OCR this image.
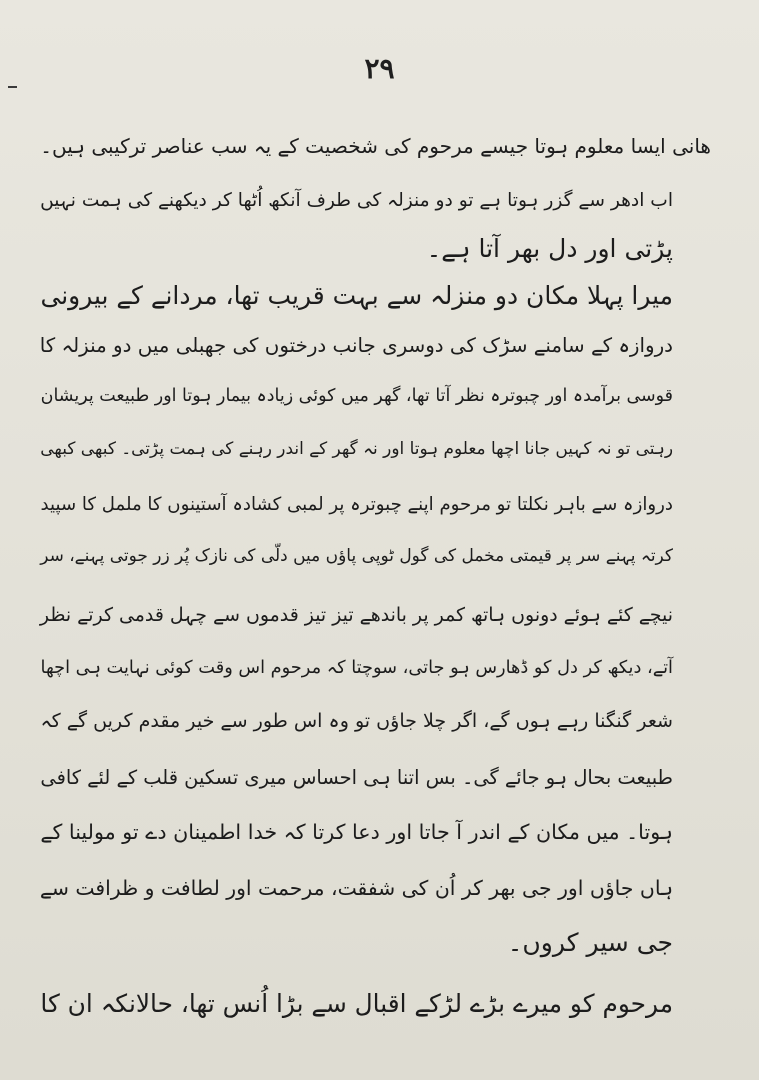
۲۹
ھانی ایسا معلوم ہوتا جیسے مرحوم کی شخصیت کے یہ سب عناصر ترکیبی ہیں۔
اب ادھر سے گزر ہوتا ہے تو دو منزلہ کی طرف آنکھ اُٹھا کر دیکھنے کی ہمت نہیں
پڑتی اور دل بھر آتا ہے۔
میرا پہلا مکان دو منزلہ سے بہت قریب تھا، مردانے کے بیرونی
دروازہ کے سامنے سڑک کی دوسری جانب درختوں کی جھبلی میں دو منزلہ کا
قوسی برآمدہ اور چبوترہ نظر آتا تھا، گھر میں کوئی زیادہ بیمار ہوتا اور طبیعت پریشان
رہتی تو نہ کہیں جانا اچھا معلوم ہوتا اور نہ گھر کے اندر رہنے کی ہمت پڑتی۔ کبھی کبھی
دروازہ سے باہر نکلتا تو مرحوم اپنے چبوترہ پر لمبی کشادہ آستینوں کا ململ کا سپید
کرتہ پہنے سر پر قیمتی مخمل کی گول ٹوپی پاؤں میں دلّی کی نازک پُر زر جوتی پہنے، سر
نیچے کئے ہوئے دونوں ہاتھ کمر پر باندھے تیز تیز قدموں سے چہل قدمی کرتے نظر
آتے، دیکھ کر دل کو ڈھارس ہو جاتی، سوچتا کہ مرحوم اس وقت کوئی نہایت ہی اچھا
شعر گنگنا رہے ہوں گے، اگر چلا جاؤں تو وہ اس طور سے خیر مقدم کریں گے کہ
طبیعت بحال ہو جائے گی۔ بس اتنا ہی احساس میری تسکین قلب کے لئے کافی
ہوتا۔ میں مکان کے اندر آ جاتا اور دعا کرتا کہ خدا اطمینان دے تو مولینا کے
ہاں جاؤں اور جی بھر کر اُن کی شفقت، مرحمت اور لطافت و ظرافت سے
جی سیر کروں۔
مرحوم کو میرے بڑے لڑکے اقبال سے بڑا اُنس تھا، حالانکہ ان کا
